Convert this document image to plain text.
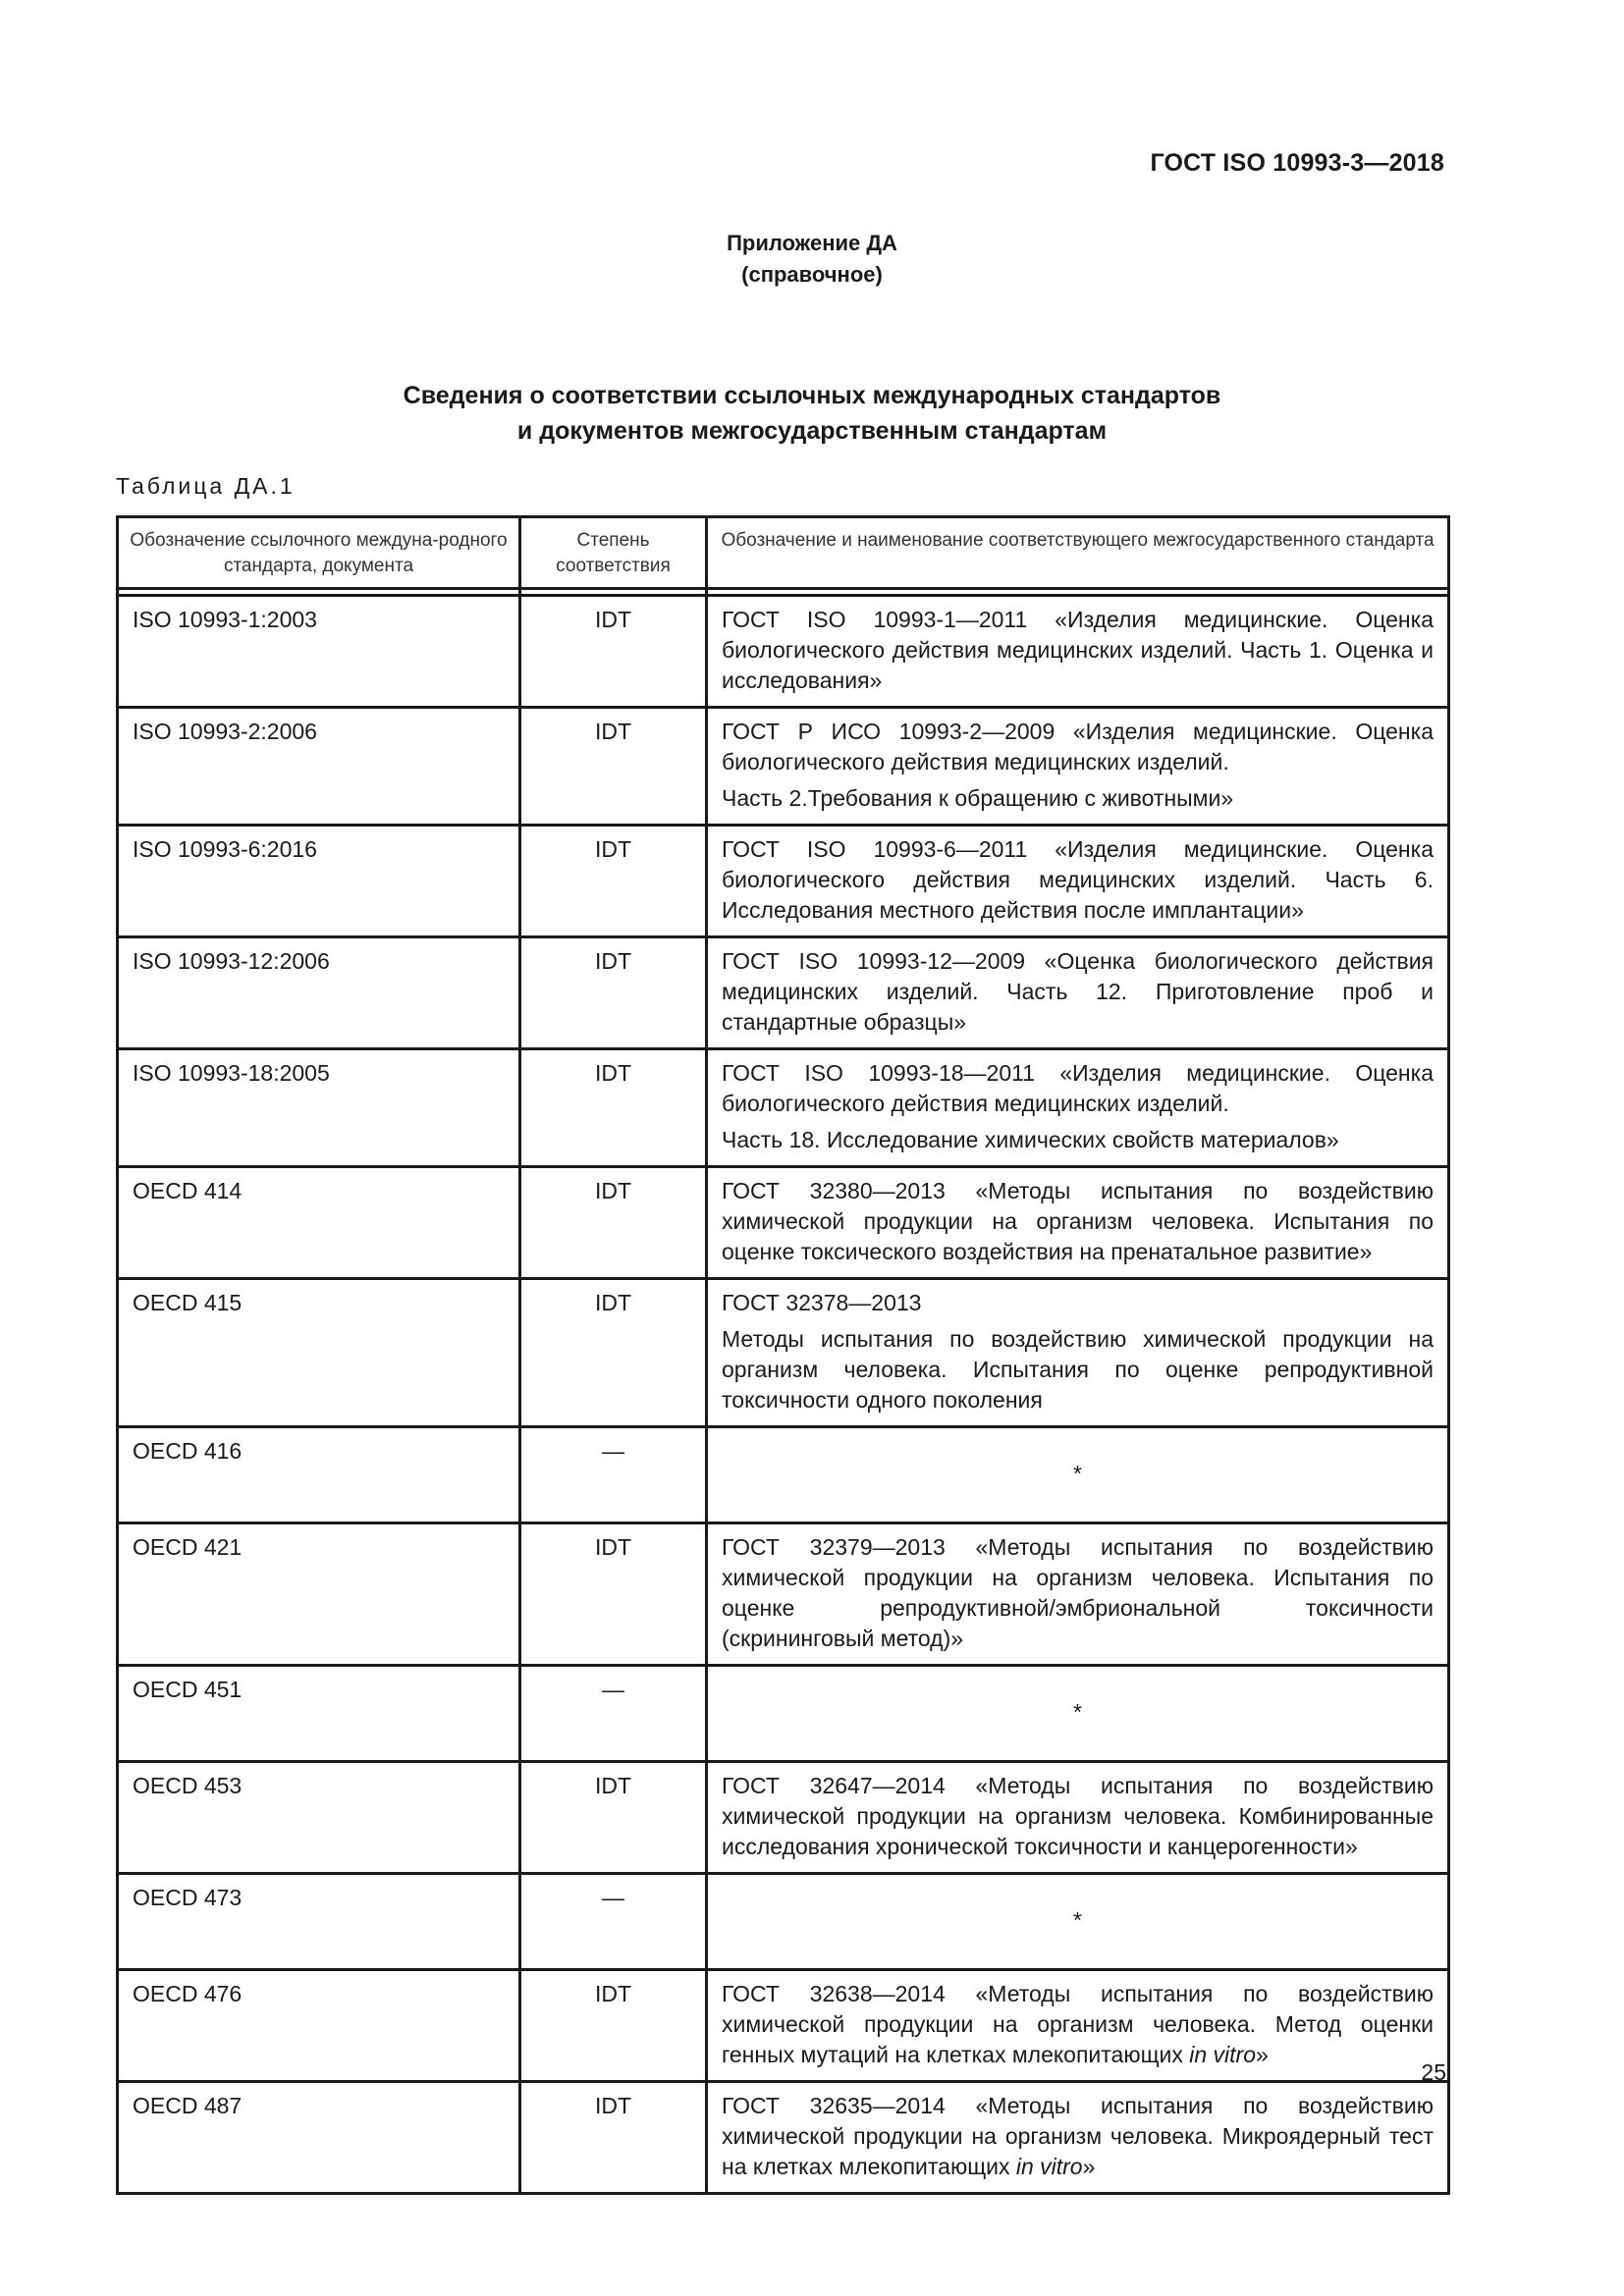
ГОСТ ISO 10993-3—2018
Приложение ДА
(справочное)
Сведения о соответствии ссылочных международных стандартов
и документов межгосударственным стандартам
Таблица ДА.1
Обозначение ссылочного междуна-родного стандарта, документа	Степень соответствия	Обозначение и наименование соответствующего межгосударственного стандарта

ISO 10993-1:2003	IDT	ГОСТ ISO 10993-1—2011 «Изделия медицинские. Оценка биологического действия медицинских изделий. Часть 1. Оценка и исследования»

ISO 10993-2:2006	IDT	ГОСТ Р ИСО 10993-2—2009 «Изделия медицинские. Оценка биологического действия медицинских изделий.

Часть 2.Требования к обращению с животными»

ISO 10993-6:2016	IDT	ГОСТ ISO 10993-6—2011 «Изделия медицинские. Оценка биологического действия медицинских изделий. Часть 6. Исследования местного действия после имплантации»

ISO 10993-12:2006	IDT	ГОСТ ISO 10993-12—2009 «Оценка биологического действия медицинских изделий. Часть 12. Приготовление проб и стандартные образцы»

ISO 10993-18:2005	IDT	ГОСТ ISO 10993-18—2011 «Изделия медицинские. Оценка биологического действия медицинских изделий.

Часть 18. Исследование химических свойств материалов»

OECD 414	IDT	ГОСТ 32380—2013 «Методы испытания по воздействию химической продукции на организм человека. Испытания по оценке токсического воздействия на пренатальное развитие»

OECD 415	IDT	ГОСТ 32378—2013

Методы испытания по воздействию химической продукции на организм человека. Испытания по оценке репродуктивной токсичности одного поколения

OECD 416	—	*

OECD 421	IDT	ГОСТ 32379—2013 «Методы испытания по воздействию химической продукции на организм человека. Испытания по оценке репродуктивной/эмбриональной токсичности (скрининговый метод)»

OECD 451	—	*

OECD 453	IDT	ГОСТ 32647—2014 «Методы испытания по воздействию химической продукции на организм человека. Комбинированные исследования хронической токсичности и канцерогенности»

OECD 473	—	*

OECD 476	IDT	ГОСТ 32638—2014 «Методы испытания по воздействию химической продукции на организм человека. Метод оценки генных мутаций на клетках млекопитающих in vitro»

OECD 487	IDT	ГОСТ 32635—2014 «Методы испытания по воздействию химической продукции на организм человека. Микроядерный тест на клетках млекопитающих in vitro»

25
